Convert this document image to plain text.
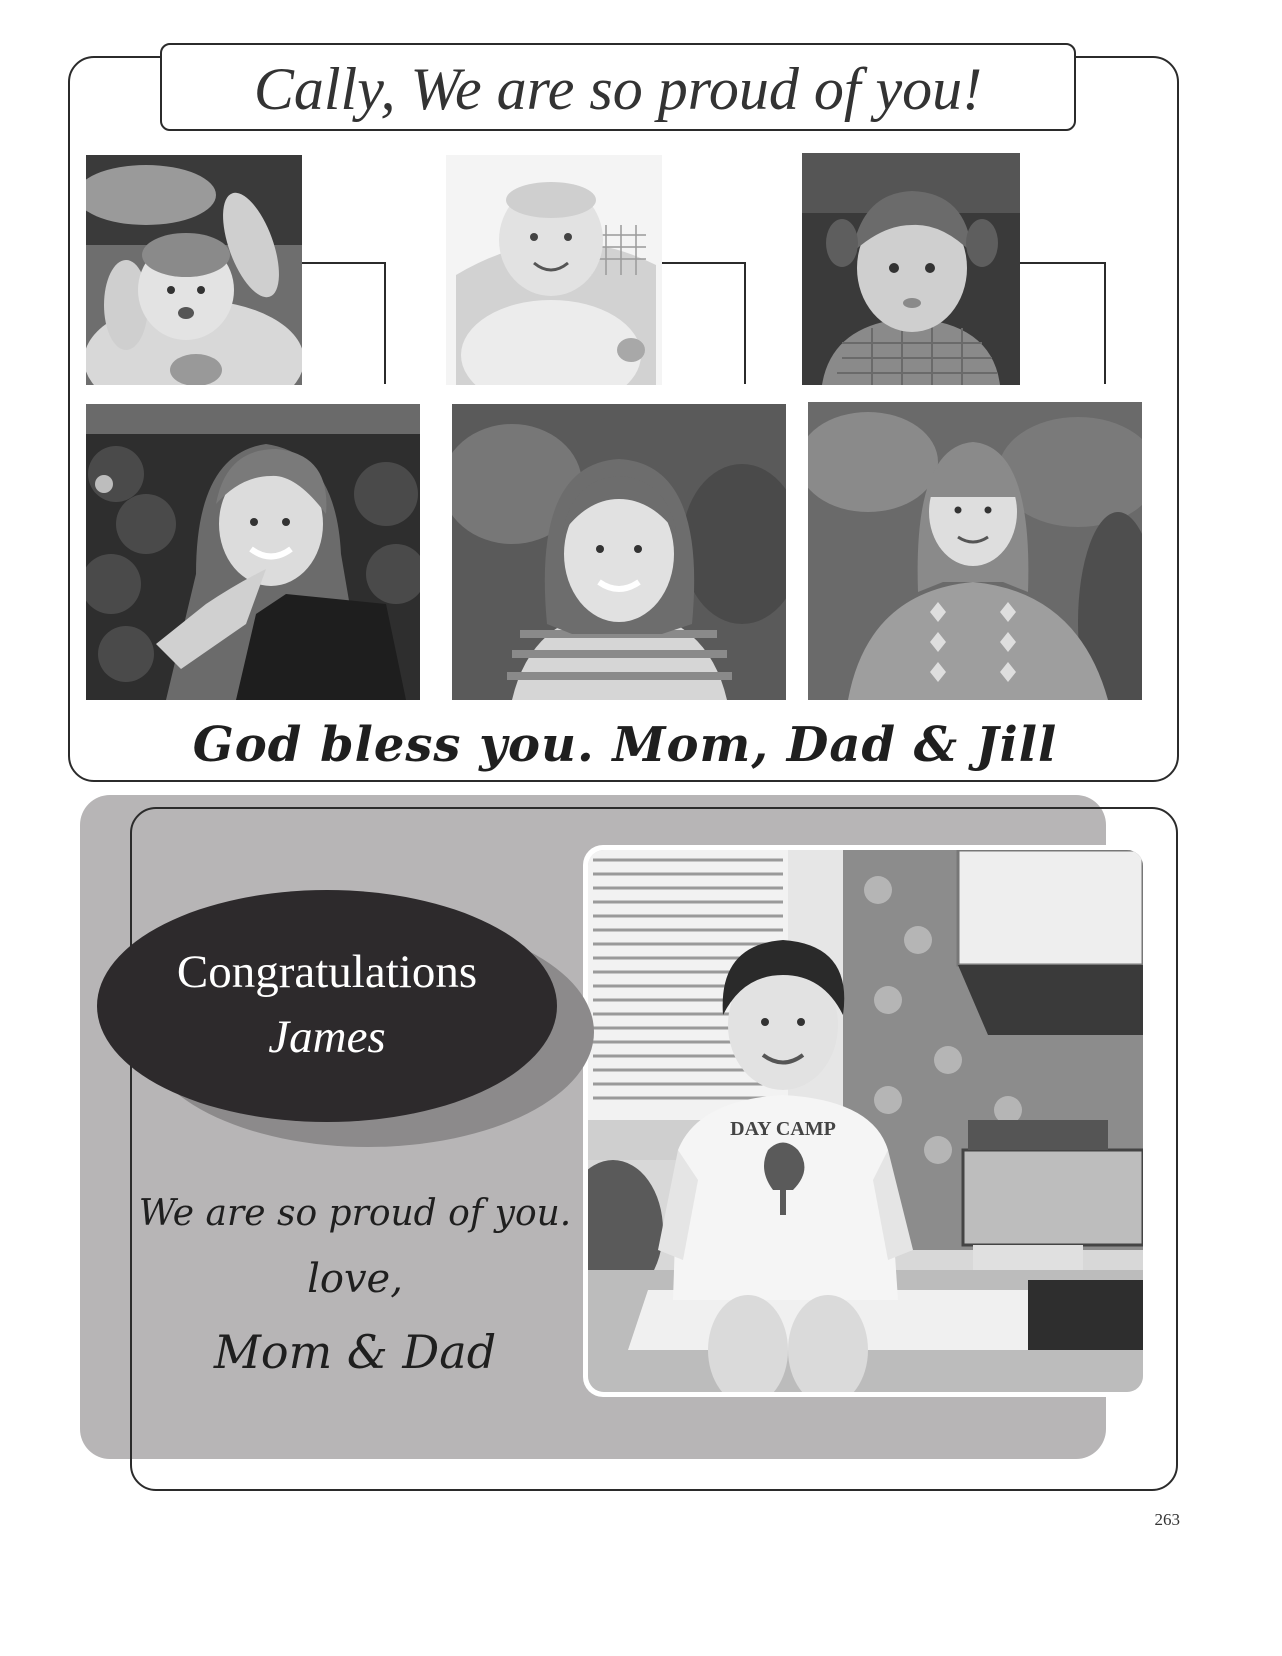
Cally, We are so proud of you!
God bless you. Mom, Dad & Jill
DAY CAMP
Congratulations
James
We are so proud of you.
love,
Mom & Dad
263
